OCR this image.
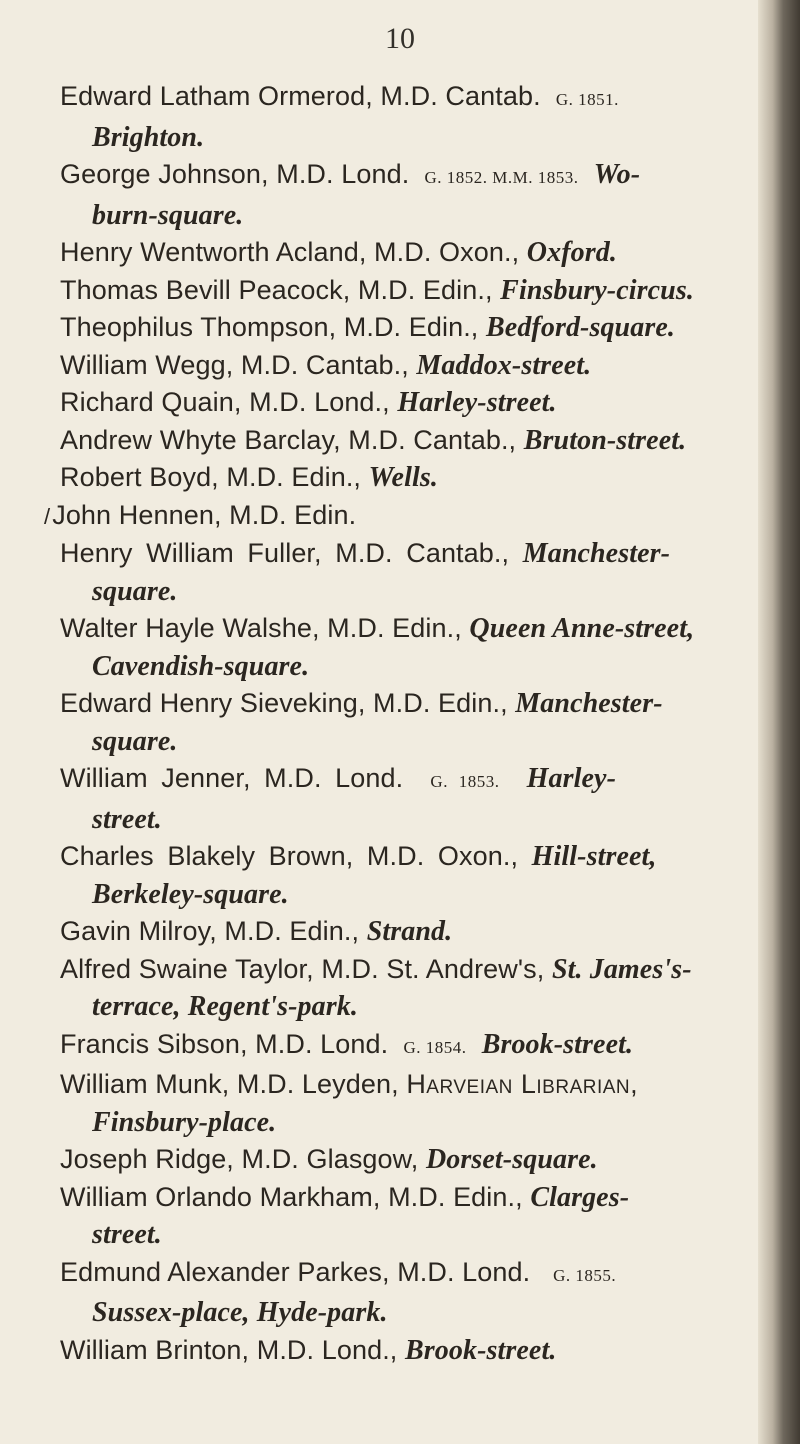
10
Edward Latham Ormerod, M.D. Cantab. G. 1851.
Brighton.
George Johnson, M.D. Lond. G. 1852. M.M. 1853. Wo-
burn-square.
Henry Wentworth Acland, M.D. Oxon., Oxford.
Thomas Bevill Peacock, M.D. Edin., Finsbury-circus.
Theophilus Thompson, M.D. Edin., Bedford-square.
William Wegg, M.D. Cantab., Maddox-street.
Richard Quain, M.D. Lond., Harley-street.
Andrew Whyte Barclay, M.D. Cantab., Bruton-street.
Robert Boyd, M.D. Edin., Wells.
/John Hennen, M.D. Edin.
Henry William Fuller, M.D. Cantab., Manchester-
square.
Walter Hayle Walshe, M.D. Edin., Queen Anne-street,
Cavendish-square.
Edward Henry Sieveking, M.D. Edin., Manchester-
square.
William Jenner, M.D. Lond. G. 1853. Harley-
street.
Charles Blakely Brown, M.D. Oxon., Hill-street,
Berkeley-square.
Gavin Milroy, M.D. Edin., Strand.
Alfred Swaine Taylor, M.D. St. Andrew's, St. James's-
terrace, Regent's-park.
Francis Sibson, M.D. Lond. G. 1854. Brook-street.
William Munk, M.D. Leyden, Harveian Librarian,
Finsbury-place.
Joseph Ridge, M.D. Glasgow, Dorset-square.
William Orlando Markham, M.D. Edin., Clarges-
street.
Edmund Alexander Parkes, M.D. Lond. G. 1855.
Sussex-place, Hyde-park.
William Brinton, M.D. Lond., Brook-street.
